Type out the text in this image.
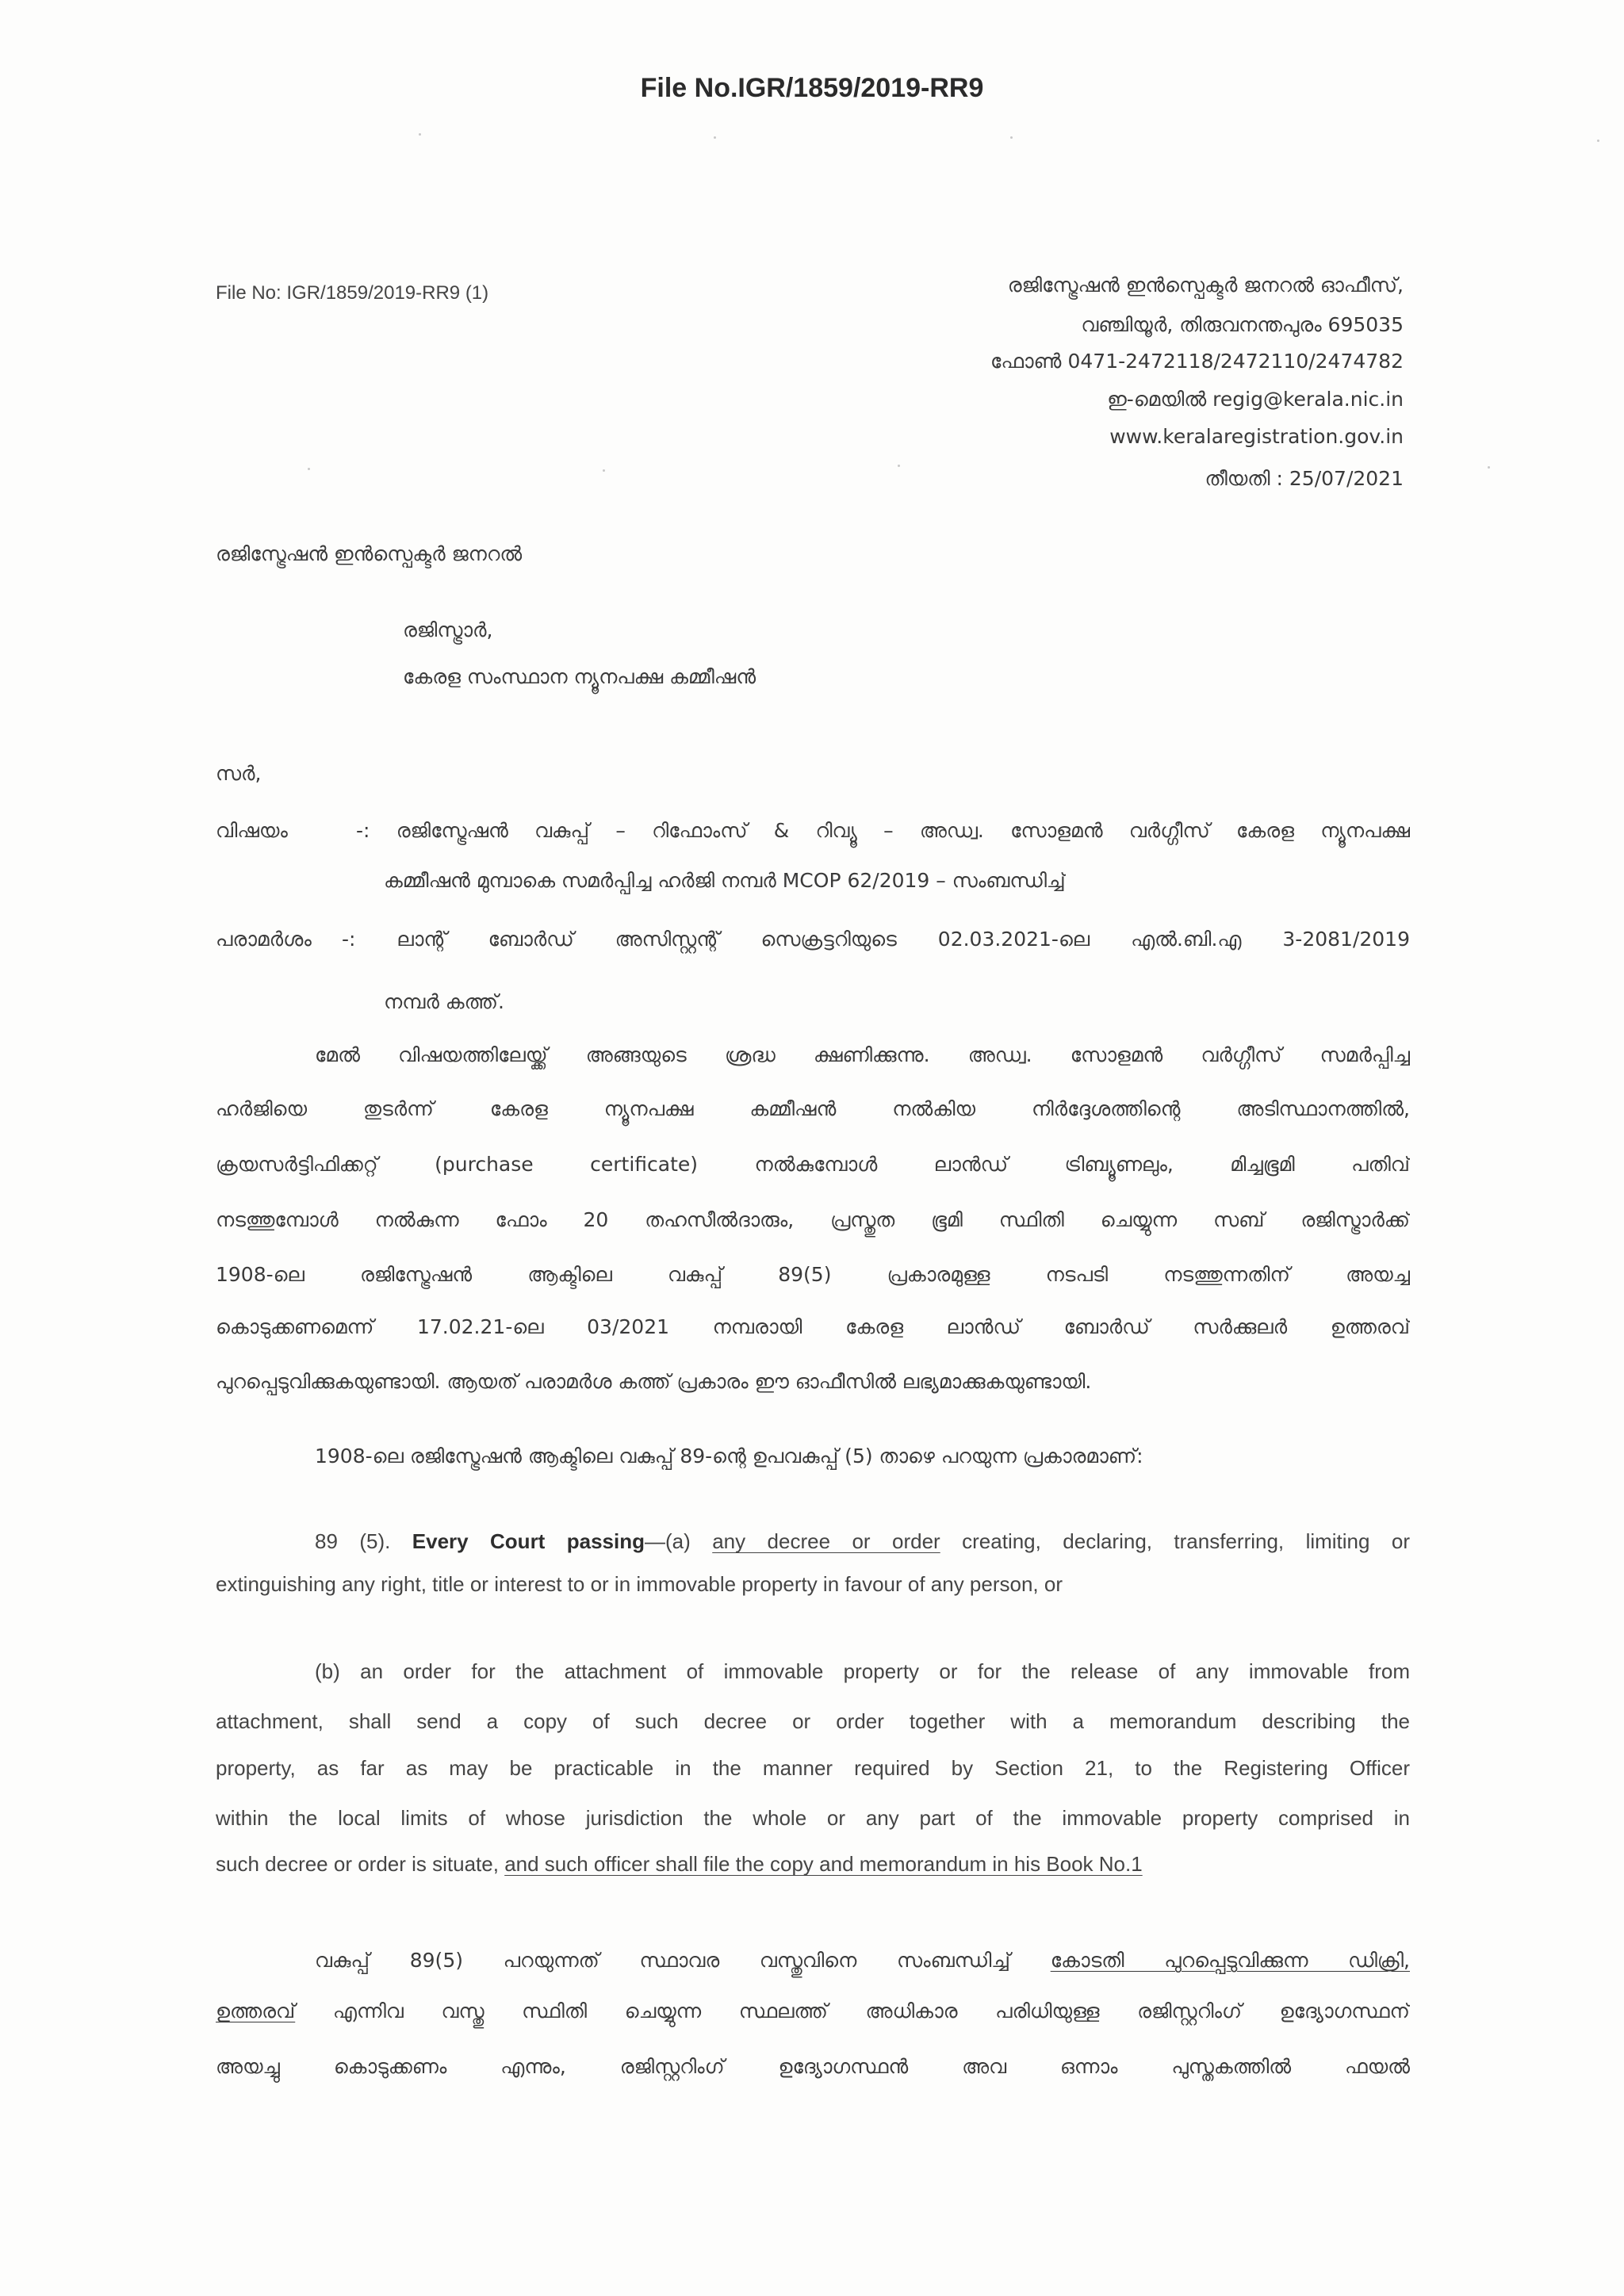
File No.IGR/1859/2019-RR9
File No: IGR/1859/2019-RR9 (1)	രജിസ്ട്രേഷൻ ഇൻസ്പെക്ടർ ജനറൽ ഓഫീസ്,
വഞ്ചിയൂർ, തിരുവനന്തപുരം 695035
ഫോൺ 0471-2472118/2472110/2474782
ഇ-മെയിൽ regig@kerala.nic.in
www.keralaregistration.gov.in
തീയതി : 25/07/2021
രജിസ്ട്രേഷൻ ഇൻസ്പെക്ടർ ജനറൽ
രജിസ്ട്രാർ,
കേരള സംസ്ഥാന ന്യൂനപക്ഷ കമ്മീഷൻ
സർ,
വിഷയം	-: രജിസ്ട്രേഷൻ വകുപ്പ് – റിഫോംസ് & റിവ്യൂ – അഡ്വ. സോളമൻ വർഗ്ഗീസ് കേരള ന്യൂനപക്ഷ
കമ്മീഷൻ മുമ്പാകെ സമർപ്പിച്ച ഹർജി നമ്പർ MCOP 62/2019 – സംബന്ധിച്ച്
പരാമർശം -: ലാന്റ് ബോർഡ് അസിസ്റ്റന്റ് സെക്രട്ടറിയുടെ 02.03.2021-ലെ എൽ.ബി.എ 3-2081/2019
നമ്പർ കത്ത്.
മേൽ വിഷയത്തിലേയ്ക്ക് അങ്ങയുടെ ശ്രദ്ധ ക്ഷണിക്കുന്നു. അഡ്വ. സോളമൻ വർഗ്ഗീസ് സമർപ്പിച്ച
ഹർജിയെ തുടർന്ന് കേരള ന്യൂനപക്ഷ കമ്മീഷൻ നൽകിയ നിർദ്ദേശത്തിന്റെ അടിസ്ഥാനത്തിൽ,
ക്രയസർട്ടിഫിക്കറ്റ് (purchase certificate) നൽകുമ്പോൾ ലാൻഡ് ട്രിബ്യൂണലും, മിച്ചഭൂമി പതിവ്
നടത്തുമ്പോൾ നൽകുന്ന ഫോം 20 തഹസീൽദാരും, പ്രസ്തുത ഭൂമി സ്ഥിതി ചെയ്യുന്ന സബ് രജിസ്ട്രാർക്ക്
1908-ലെ രജിസ്ട്രേഷൻ ആക്ടിലെ വകുപ്പ് 89(5) പ്രകാരമുള്ള നടപടി നടത്തുന്നതിന് അയച്ച
കൊടുക്കണമെന്ന് 17.02.21-ലെ 03/2021 നമ്പരായി കേരള ലാൻഡ് ബോർഡ് സർക്കുലർ ഉത്തരവ്
പുറപ്പെടുവിക്കുകയുണ്ടായി. ആയത് പരാമർശ കത്ത് പ്രകാരം ഈ ഓഫീസിൽ ലഭ്യമാക്കുകയുണ്ടായി.
1908-ലെ രജിസ്ട്രേഷൻ ആക്ടിലെ വകുപ്പ് 89-ന്റെ ഉപവകുപ്പ് (5) താഴെ പറയുന്ന പ്രകാരമാണ്:
89 (5). Every Court passing—(a) any decree or order creating, declaring, transferring, limiting or
extinguishing any right, title or interest to or in immovable property in favour of any person, or
(b) an order for the attachment of immovable property or for the release of any immovable from
attachment, shall send a copy of such decree or order together with a memorandum describing the
property, as far as may be practicable in the manner required by Section 21, to the Registering Officer
within the local limits of whose jurisdiction the whole or any part of the immovable property comprised in
such decree or order is situate, and such officer shall file the copy and memorandum in his Book No.1
വകുപ്പ് 89(5) പറയുന്നത് സ്ഥാവര വസ്തുവിനെ സംബന്ധിച്ച് കോടതി പുറപ്പെടുവിക്കുന്ന ഡിക്രി,
ഉത്തരവ് എന്നിവ വസ്തു സ്ഥിതി ചെയ്യുന്ന സ്ഥലത്ത് അധികാര പരിധിയുള്ള രജിസ്റ്ററിംഗ് ഉദ്യോഗസ്ഥന്
അയച്ചു കൊടുക്കണം എന്നും, രജിസ്റ്ററിംഗ് ഉദ്യോഗസ്ഥൻ അവ ഒന്നാം പുസ്തകത്തിൽ ഫയൽ
